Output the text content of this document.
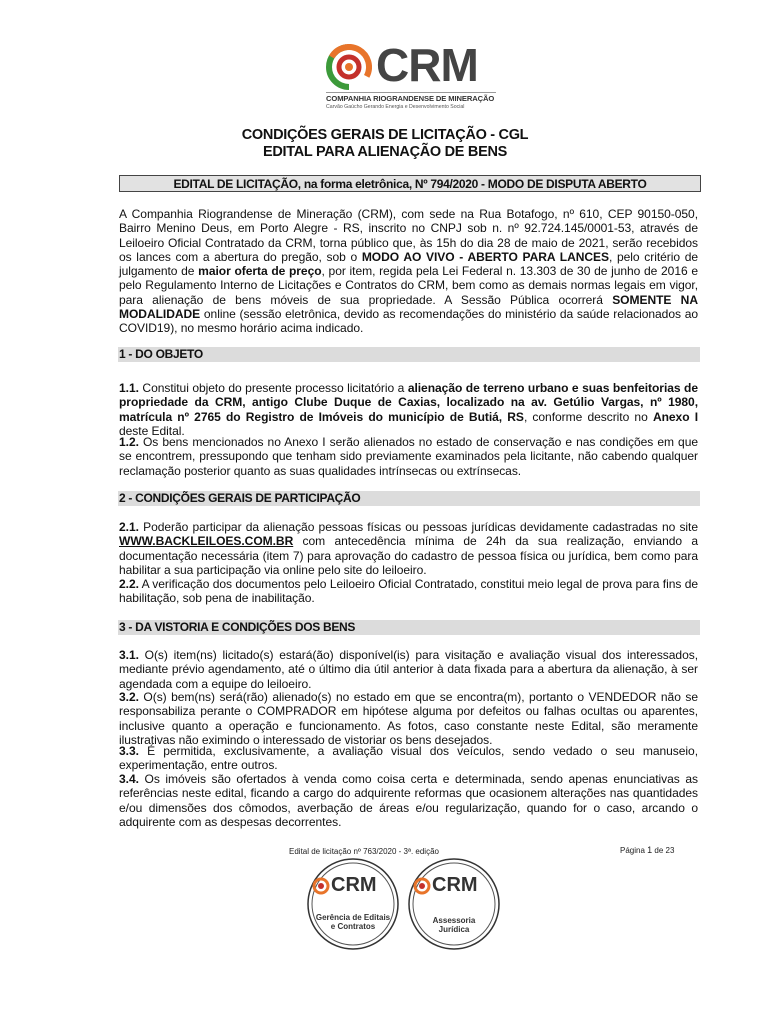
CRM
COMPANHIA RIOGRANDENSE DE MINERAÇÃO
Carvão Gaúcho Gerando Energia e Desenvolvimento Social
CONDIÇÕES GERAIS DE LICITAÇÃO - CGL
EDITAL PARA ALIENAÇÃO DE BENS
EDITAL DE LICITAÇÃO, na forma eletrônica, Nº 794/2020 - MODO DE DISPUTA ABERTO
A Companhia Riograndense de Mineração (CRM), com sede na Rua Botafogo, nº 610, CEP 90150-050, Bairro Menino Deus, em Porto Alegre - RS, inscrito no CNPJ sob n. nº 92.724.145/0001-53, através de Leiloeiro Oficial Contratado da CRM, torna público que, às 15h do dia 28 de maio de 2021, serão recebidos os lances com a abertura do pregão, sob o MODO AO VIVO - ABERTO PARA LANCES, pelo critério de julgamento de maior oferta de preço, por item, regida pela Lei Federal n. 13.303 de 30 de junho de 2016 e pelo Regulamento Interno de Licitações e Contratos do CRM, bem como as demais normas legais em vigor, para alienação de bens móveis de sua propriedade. A Sessão Pública ocorrerá SOMENTE NA MODALIDADE online (sessão eletrônica, devido as recomendações do ministério da saúde relacionados ao COVID19), no mesmo horário acima indicado.
1 - DO OBJETO
1.1. Constitui objeto do presente processo licitatório a alienação de terreno urbano e suas benfeitorias de propriedade da CRM, antigo Clube Duque de Caxias, localizado na av. Getúlio Vargas, nº 1980, matrícula nº 2765 do Registro de Imóveis do município de Butiá, RS, conforme descrito no Anexo I deste Edital.
1.2. Os bens mencionados no Anexo I serão alienados no estado de conservação e nas condições em que se encontrem, pressupondo que tenham sido previamente examinados pela licitante, não cabendo qualquer reclamação posterior quanto as suas qualidades intrínsecas ou extrínsecas.
2 - CONDIÇÕES GERAIS DE PARTICIPAÇÃO
2.1. Poderão participar da alienação pessoas físicas ou pessoas jurídicas devidamente cadastradas no site WWW.BACKLEILOES.COM.BR com antecedência mínima de 24h da sua realização, enviando a documentação necessária (item 7) para aprovação do cadastro de pessoa física ou jurídica, bem como para habilitar a sua participação via online pelo site do leiloeiro.
2.2. A verificação dos documentos pelo Leiloeiro Oficial Contratado, constitui meio legal de prova para fins de habilitação, sob pena de inabilitação.
3 - DA VISTORIA E CONDIÇÕES DOS BENS
3.1. O(s) item(ns) licitado(s) estará(ão) disponível(is) para visitação e avaliação visual dos interessados, mediante prévio agendamento, até o último dia útil anterior à data fixada para a abertura da alienação, à ser agendada com a equipe do leiloeiro.
3.2. O(s) bem(ns) será(rão) alienado(s) no estado em que se encontra(m), portanto o VENDEDOR não se responsabiliza perante o COMPRADOR em hipótese alguma por defeitos ou falhas ocultas ou aparentes, inclusive quanto a operação e funcionamento. As fotos, caso constante neste Edital, são meramente ilustrativas não eximindo o interessado de vistoriar os bens desejados.
3.3. É permitida, exclusivamente, a avaliação visual dos veículos, sendo vedado o seu manuseio, experimentação, entre outros.
3.4. Os imóveis são ofertados à venda como coisa certa e determinada, sendo apenas enunciativas as referências neste edital, ficando a cargo do adquirente reformas que ocasionem alterações nas quantidades e/ou dimensões dos cômodos, averbação de áreas e/ou regularização, quando for o caso, arcando o adquirente com as despesas decorrentes.
Edital de licitação nº 763/2020 - 3ª. edição	Página 1 de 23
CRM
Gerência de Editais
e Contratos
CRM
Assessoria
Jurídica
